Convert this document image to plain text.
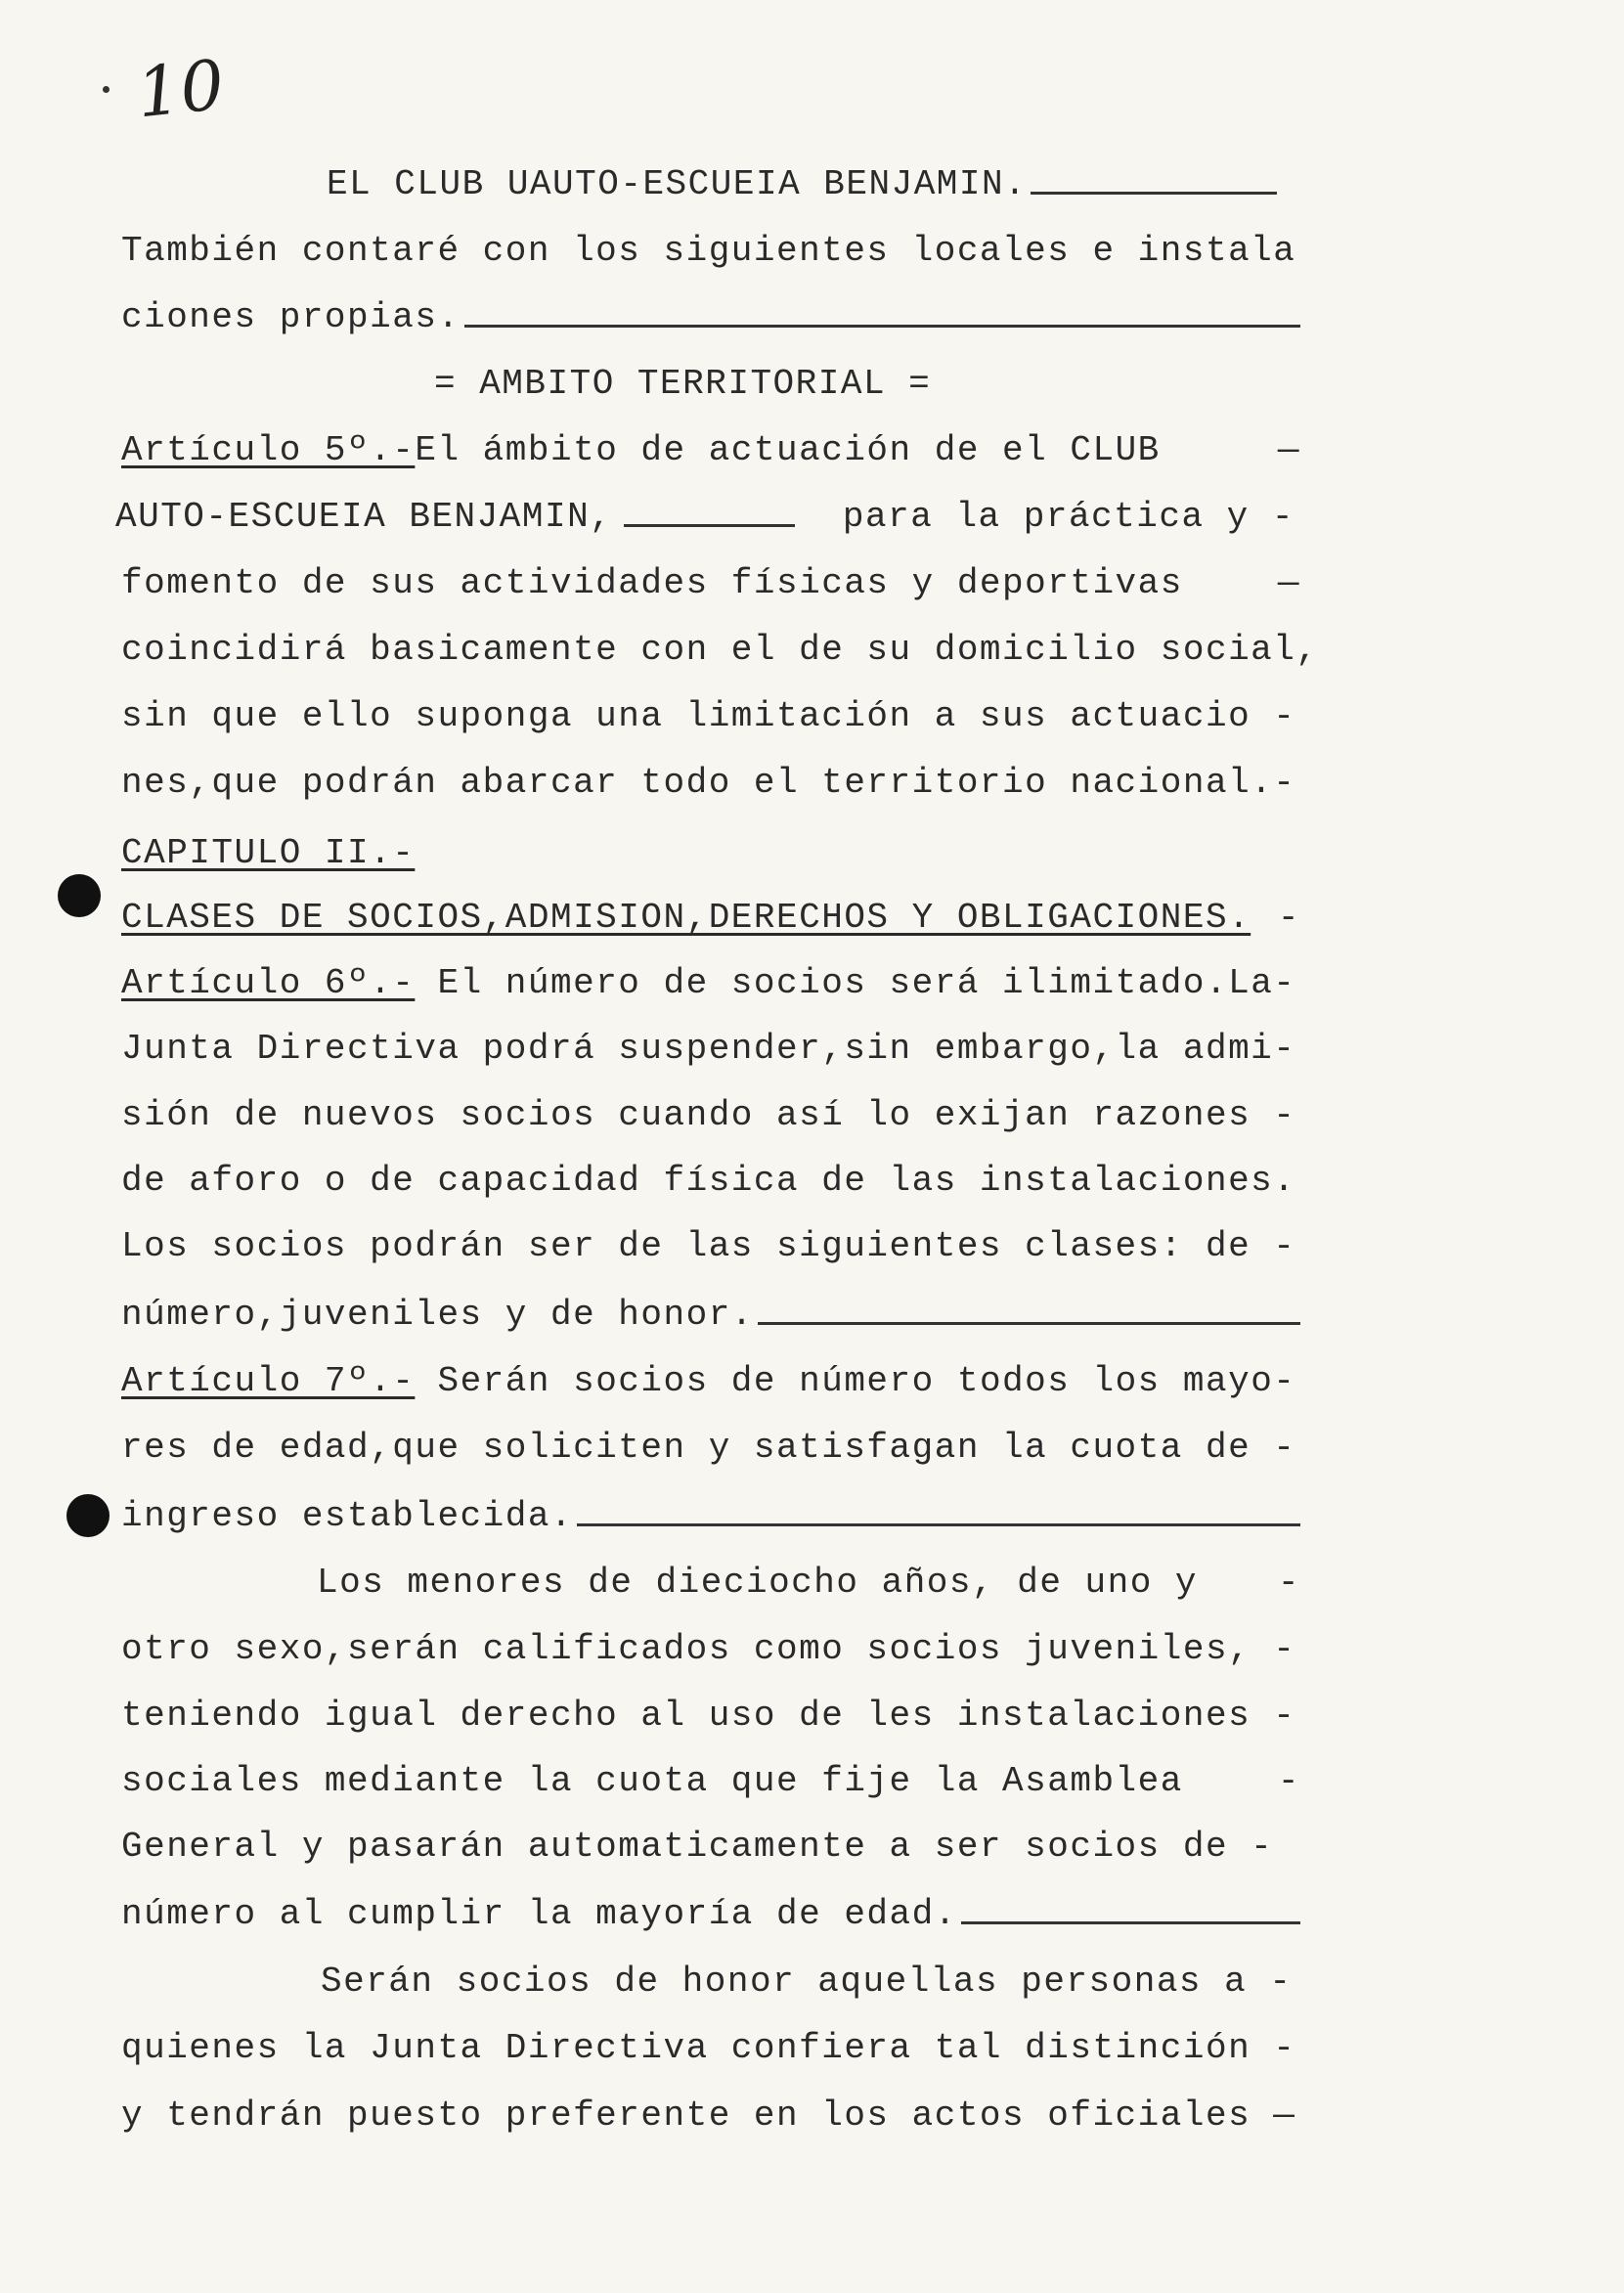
10
EL CLUB UAUTO-ESCUEIA BENJAMIN.
También contaré con los siguientes locales e instala
ciones propias.
= AMBITO TERRITORIAL =
Artículo 5º.- El ámbito de actuación de el CLUB	—
AUTO-ESCUEIA BENJAMIN,	para la práctica y -
fomento de sus actividades físicas y deportivas	—
coincidirá basicamente con el de su domicilio social,
sin que ello suponga una limitación a sus actuacio -
nes,que podrán abarcar todo el territorio nacional.-
CAPITULO II.-
CLASES DE SOCIOS,ADMISION,DERECHOS Y OBLIGACIONES. -
Artículo 6º.- El número de socios será ilimitado.La-
Junta Directiva podrá suspender,sin embargo,la admi-
sión de nuevos socios cuando así lo exijan razones -
de aforo o de capacidad física de las instalaciones.
Los socios podrán ser de las siguientes clases: de -
número,juveniles y de honor.
Artículo 7º.- Serán socios de número todos los mayo-
res de edad,que soliciten y satisfagan la cuota de -
ingreso establecida.
Los menores de dieciocho años, de uno y -
otro sexo,serán calificados como socios juveniles, -
teniendo igual derecho al uso de les instalaciones -
sociales mediante la cuota que fije la Asamblea	-
General y pasarán automaticamente a ser socios de -
número al cumplir la mayoría de edad.
Serán socios de honor aquellas personas a -
quienes la Junta Directiva confiera tal distinción -
y tendrán puesto preferente en los actos oficiales —
